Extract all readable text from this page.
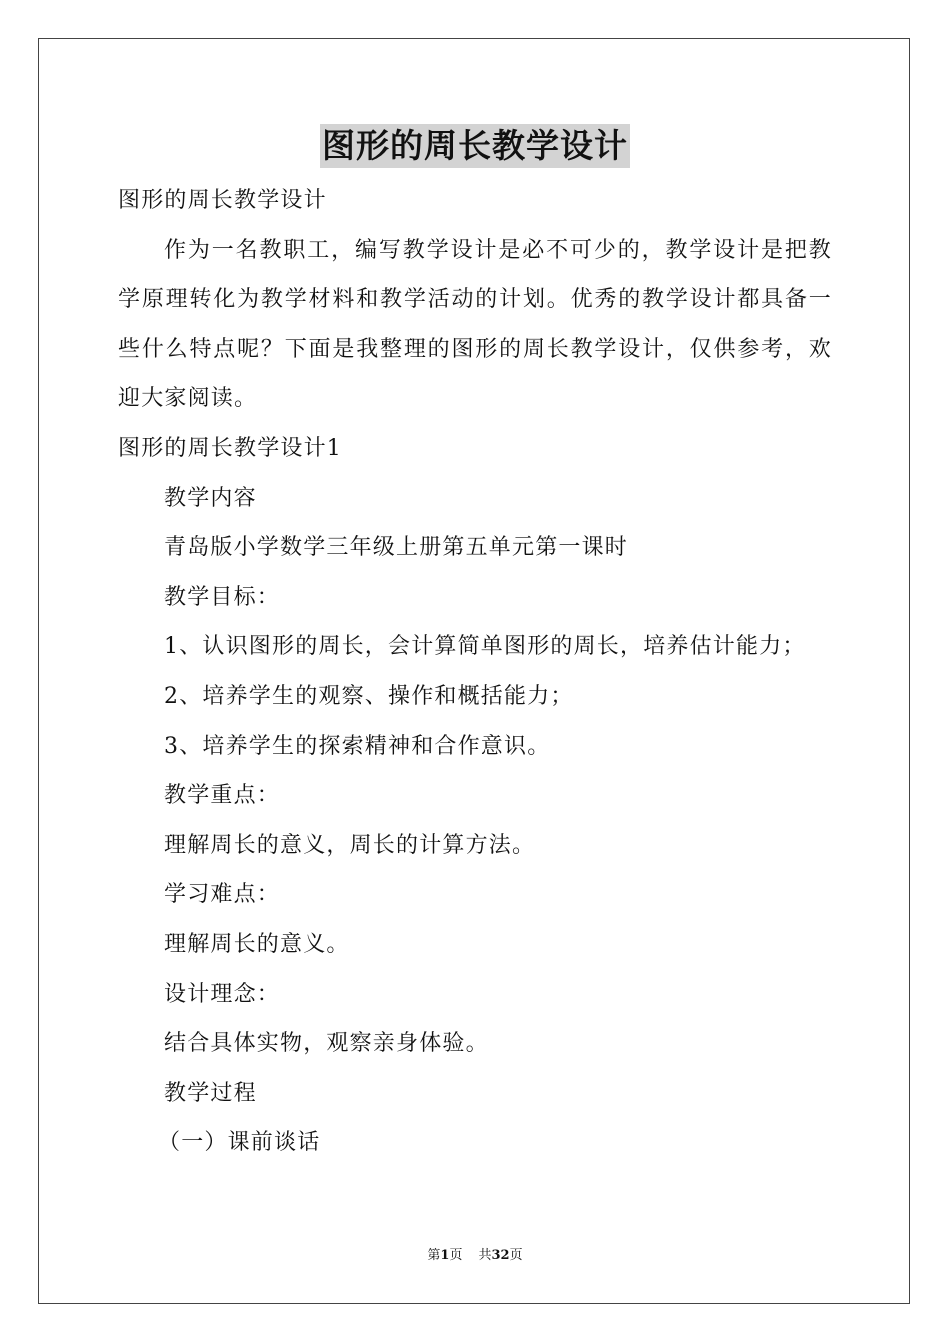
图形的周长教学设计

图形的周长教学设计

作为一名教职工，编写教学设计是必不可少的，教学设计是把教学原理转化为教学材料和教学活动的计划。优秀的教学设计都具备一些什么特点呢？下面是我整理的图形的周长教学设计，仅供参考，欢迎大家阅读。

图形的周长教学设计1

教学内容

青岛版小学数学三年级上册第五单元第一课时

教学目标：

1、认识图形的周长，会计算简单图形的周长，培养估计能力；

2、培养学生的观察、操作和概括能力；

3、培养学生的探索精神和合作意识。

教学重点：

理解周长的意义，周长的计算方法。

学习难点：

理解周长的意义。

设计理念：

结合具体实物，观察亲身体验。

教学过程

（一）课前谈话

第1页 共32页
